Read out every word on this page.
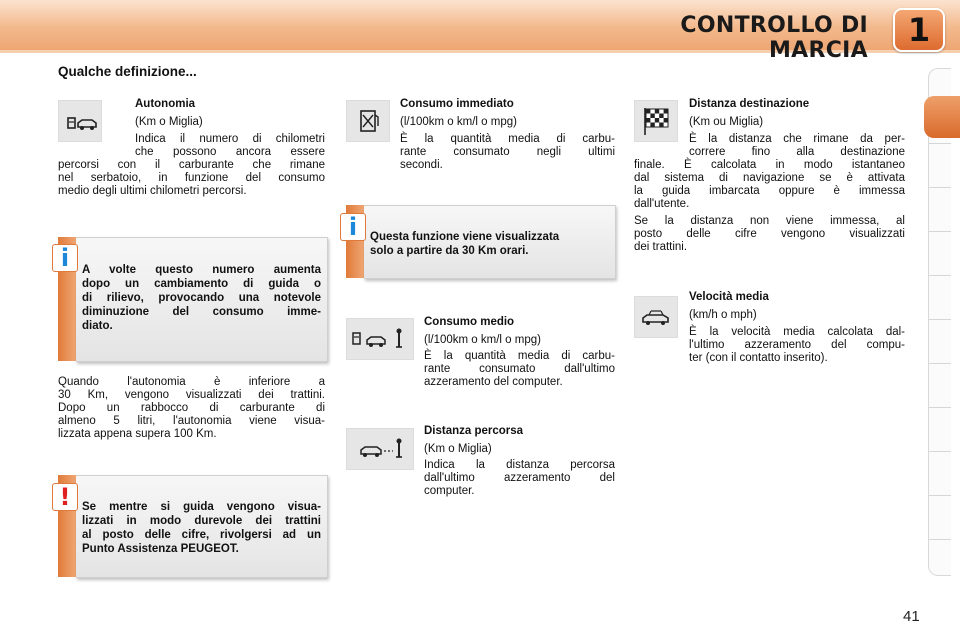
CONTROLLO DI MARCIA
1
Qualche definizione...
Autonomia
(Km o Miglia)
Indica il numero di chilometri
che possono ancora essere
percorsi con il carburante che rimane
nel serbatoio, in funzione del consumo
medio degli ultimi chilometri percorsi.
i	A volte questo numero aumenta
dopo un cambiamento di guida o
di rilievo, provocando una notevole
diminuzione del consumo imme-
diato.
Quando l'autonomia è inferiore a
30 Km, vengono visualizzati dei trattini.
Dopo un rabbocco di carburante di
almeno 5 litri, l'autonomia viene visua-
lizzata appena supera 100 Km.
!	Se mentre si guida vengono visua-
lizzati in modo durevole dei trattini
al posto delle cifre, rivolgersi ad un
Punto Assistenza PEUGEOT.
Consumo immediato
(l/100km o km/l o mpg)
È la quantità media di carbu-
rante consumato negli ultimi
secondi.
i	Questa funzione viene visualizzata
solo a partire da 30 Km orari.
Consumo medio
(l/100km o km/l o mpg)
È la quantità media di carbu-
rante consumato dall'ultimo
azzeramento del computer.
Distanza percorsa
(Km o Miglia)
Indica la distanza percorsa
dall'ultimo azzeramento del
computer.
Distanza destinazione
(Km ou Miglia)
È la distanza che rimane da per-
correre fino alla destinazione
finale. È calcolata in modo istantaneo
dal sistema di navigazione se è attivata
la guida imbarcata oppure è immessa
dall'utente.
Se la distanza non viene immessa, al
posto delle cifre vengono visualizzati
dei trattini.
Velocità media
(km/h o mph)
È la velocità media calcolata dal-
l'ultimo azzeramento del compu-
ter (con il contatto inserito).
41
